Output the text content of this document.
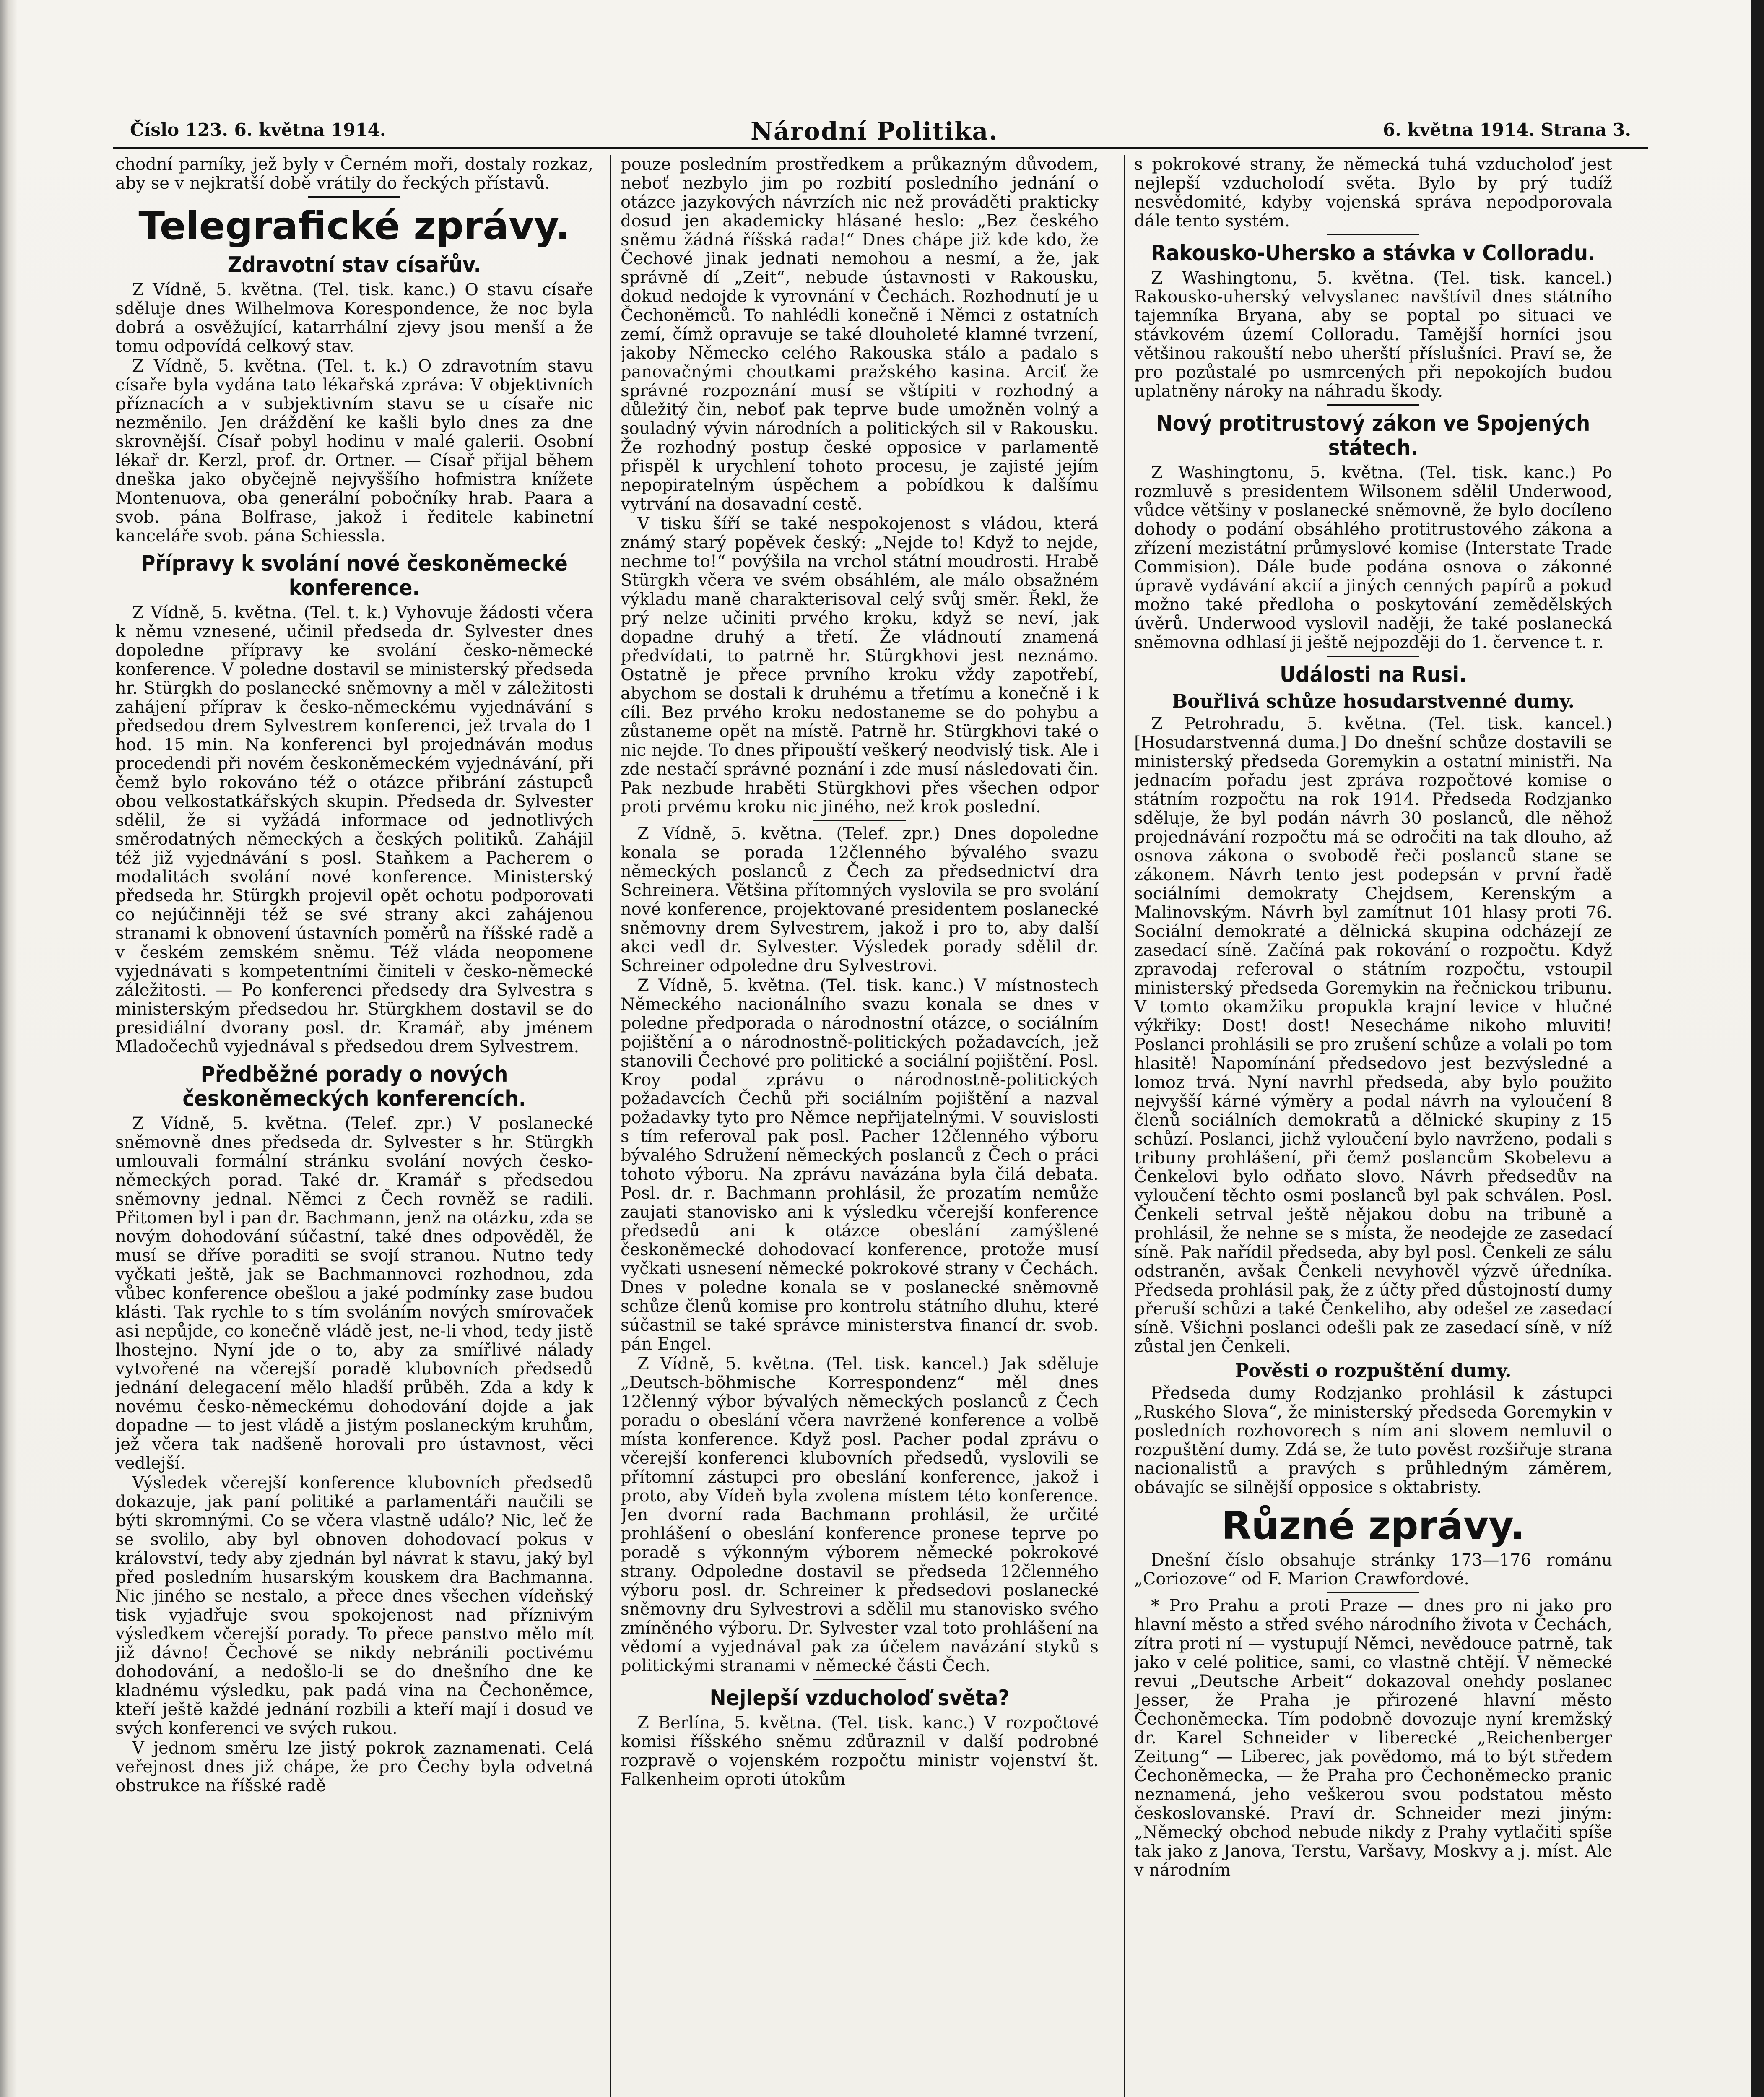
Číslo 123. 6. května 1914.	Národní Politika.	6. května 1914. Strana 3.

chodní parníky, jež byly v Černém moři, dostaly rozkaz, aby se v nejkratší době vrátily do řeckých přístavů.

Telegrafické zprávy.
Zdravotní stav císařův.

Z Vídně, 5. května. (Tel. tisk. kanc.) O stavu císaře sděluje dnes Wilhelmova Korespondence, že noc byla dobrá a osvěžující, katarrhální zjevy jsou menší a že tomu odpovídá celkový stav.

Z Vídně, 5. května. (Tel. t. k.) O zdravotním stavu císaře byla vydána tato lékařská zpráva: V objektivních příznacích a v subjektivním stavu se u císaře nic nezměnilo. Jen dráždění ke kašli bylo dnes za dne skrovnější. Císař pobyl hodinu v malé galerii. Osobní lékař dr. Kerzl, prof. dr. Ortner. — Císař přijal během dneška jako obyčejně nejvyššího hofmistra knížete Montenuova, oba generální pobočníky hrab. Paara a svob. pána Bolfrase, jakož i ředitele kabinetní kanceláře svob. pána Schiessla.

Přípravy k svolání nové českoněmecké konference.

Z Vídně, 5. května. (Tel. t. k.) Vyhovuje žádosti včera k němu vznesené, učinil předseda dr. Sylvester dnes dopoledne přípravy ke svolání česko-německé konference. V poledne dostavil se ministerský předseda hr. Stürgkh do poslanecké sněmovny a měl v záležitosti zahájení příprav k česko-německému vyjednávání s předsedou drem Sylvestrem konferenci, jež trvala do 1 hod. 15 min. Na konferenci byl projednáván modus procedendi při novém českoněmeckém vyjednávání, při čemž bylo rokováno též o otázce přibrání zástupců obou velkostatkářských skupin. Předseda dr. Sylvester sdělil, že si vyžádá informace od jednotlivých směrodatných německých a českých politiků. Zahájil též již vyjednávání s posl. Staňkem a Pacherem o modalitách svolání nové konference. Ministerský předseda hr. Stürgkh projevil opět ochotu podporovati co nejúčinněji též se své strany akci zahájenou stranami k obnovení ústavních poměrů na říšské radě a v českém zemském sněmu. Též vláda neopomene vyjednávati s kompetentními činiteli v česko-německé záležitosti. — Po konferenci předsedy dra Sylvestra s ministerským předsedou hr. Stürgkhem dostavil se do presidiální dvorany posl. dr. Kramář, aby jménem Mladočechů vyjednával s předsedou drem Sylvestrem.

Předběžné porady o nových českoněmeckých konferencích.

Z Vídně, 5. května. (Telef. zpr.) V poslanecké sněmovně dnes předseda dr. Sylvester s hr. Stürgkh umlouvali formální stránku svolání nových česko-německých porad. Také dr. Kramář s předsedou sněmovny jednal. Němci z Čech rovněž se radili. Přitomen byl i pan dr. Bachmann, jenž na otázku, zda se novým dohodování súčastní, také dnes odpověděl, že musí se dříve poraditi se svojí stranou. Nutno tedy vyčkati ještě, jak se Bachmannovci rozhodnou, zda vůbec konference obešlou a jaké podmínky zase budou klásti. Tak rychle to s tím svoláním nových smírovaček asi nepůjde, co konečně vládě jest, ne-li vhod, tedy jistě lhostejno. Nyní jde o to, aby za smířlivé nálady vytvořené na včerejší poradě klubovních předsedů jednání delegacení mělo hladší průběh. Zda a kdy k novému česko-německému dohodování dojde a jak dopadne — to jest vládě a jistým poslaneckým kruhům, jež včera tak nadšeně horovali pro ústavnost, věci vedlejší.

Výsledek včerejší konference klubovních předsedů dokazuje, jak paní politiké a parlamentáři naučili se býti skromnými. Co se včera vlastně událo? Nic, leč že se svolilo, aby byl obnoven dohodovací pokus v království, tedy aby zjednán byl návrat k stavu, jaký byl před posledním husarským kouskem dra Bachmanna. Nic jiného se nestalo, a přece dnes všechen vídeňský tisk vyjadřuje svou spokojenost nad příznivým výsledkem včerejší porady. To přece panstvo mělo mít již dávno! Čechové se nikdy nebránili poctivému dohodování, a nedošlo-li se do dnešního dne ke kladnému výsledku, pak padá vina na Čechoněmce, kteří ještě každé jednání rozbili a kteří mají i dosud ve svých konferenci ve svých rukou.

V jednom směru lze jistý pokrok zaznamenati. Celá veřejnost dnes již chápe, že pro Čechy byla odvetná obstrukce na říšské radě

pouze posledním prostředkem a průkazným důvodem, neboť nezbylo jim po rozbití posledního jednání o otázce jazykových návrzích nic než prováděti prakticky dosud jen akademicky hlásané heslo: „Bez českého sněmu žádná říšská rada!“ Dnes chápe již kde kdo, že Čechové jinak jednati nemohou a nesmí, a že, jak správně dí „Zeit“, nebude ústavnosti v Rakousku, dokud nedojde k vyrovnání v Čechách. Rozhodnutí je u Čechoněmců. To nahlédli konečně i Němci z ostatních zemí, čímž opravuje se také dlouholeté klamné tvrzení, jakoby Německo celého Rakouska stálo a padalo s panovačnými choutkami pražského kasina. Arciť že správné rozpoznání musí se vštípiti v rozhodný a důležitý čin, neboť pak teprve bude umožněn volný a souladný vývin národních a politických sil v Rakousku. Že rozhodný postup české opposice v parlamentě přispěl k urychlení tohoto procesu, je zajisté jejím nepopiratelným úspěchem a pobídkou k dalšímu vytrvání na dosavadní cestě.

V tisku šíří se také nespokojenost s vládou, která známý starý popěvek český: „Nejde to! Když to nejde, nechme to!“ povýšila na vrchol státní moudrosti. Hrabě Stürgkh včera ve svém obsáhlém, ale málo obsažném výkladu maně charakterisoval celý svůj směr. Řekl, že prý nelze učiniti prvého kroku, když se neví, jak dopadne druhý a třetí. Že vládnoutí znamená předvídati, to patrně hr. Stürgkhovi jest neznámo. Ostatně je přece prvního kroku vždy zapotřebí, abychom se dostali k druhému a třetímu a konečně i k cíli. Bez prvého kroku nedostaneme se do pohybu a zůstaneme opět na místě. Patrně hr. Stürgkhovi také o nic nejde. To dnes připouští veškerý neodvislý tisk. Ale i zde nestačí správné poznání i zde musí následovati čin. Pak nezbude hraběti Stürgkhovi přes všechen odpor proti prvému kroku nic jiného, než krok poslední.

Z Vídně, 5. května. (Telef. zpr.) Dnes dopoledne konala se porada 12členného bývalého svazu německých poslanců z Čech za předsednictví dra Schreinera. Většina přítomných vyslovila se pro svolání nové konference, projektované presidentem poslanecké sněmovny drem Sylvestrem, jakož i pro to, aby další akci vedl dr. Sylvester. Výsledek porady sdělil dr. Schreiner odpoledne dru Sylvestrovi.

Z Vídně, 5. května. (Tel. tisk. kanc.) V místnostech Německého nacionálního svazu konala se dnes v poledne předporada o národnostní otázce, o sociálním pojištění a o národnostně-politických požadavcích, jež stanovili Čechové pro politické a sociální pojištění. Posl. Kroy podal zprávu o národnostně-politických požadavcích Čechů při sociálním pojištění a nazval požadavky tyto pro Němce nepřijatelnými. V souvislosti s tím referoval pak posl. Pacher 12členného výboru bývalého Sdružení německých poslanců z Čech o práci tohoto výboru. Na zprávu navázána byla čilá debata. Posl. dr. r. Bachmann prohlásil, že prozatím nemůže zaujati stanovisko ani k výsledku včerejší konference předsedů ani k otázce obeslání zamýšlené českoněmecké dohodovací konference, protože musí vyčkati usnesení německé pokrokové strany v Čechách. Dnes v poledne konala se v poslanecké sněmovně schůze členů komise pro kontrolu státního dluhu, které súčastnil se také správce ministerstva financí dr. svob. pán Engel.

Z Vídně, 5. května. (Tel. tisk. kancel.) Jak sděluje „Deutsch-böhmische Korrespondenz“ měl dnes 12členný výbor bývalých německých poslanců z Čech poradu o obeslání včera navržené konference a volbě místa konference. Když posl. Pacher podal zprávu o včerejší konferenci klubovních předsedů, vyslovili se přítomní zástupci pro obeslání konference, jakož i proto, aby Vídeň byla zvolena místem této konference. Jen dvorní rada Bachmann prohlásil, že určité prohlášení o obeslání konference pronese teprve po poradě s výkonným výborem německé pokrokové strany. Odpoledne dostavil se předseda 12členného výboru posl. dr. Schreiner k předsedovi poslanecké sněmovny dru Sylvestrovi a sdělil mu stanovisko svého zmíněného výboru. Dr. Sylvester vzal toto prohlášení na vědomí a vyjednával pak za účelem navázání styků s politickými stranami v německé části Čech.

Nejlepší vzducholoď světa?

Z Berlína, 5. května. (Tel. tisk. kanc.) V rozpočtové komisi říšského sněmu zdůraznil v další podrobné rozpravě o vojenském rozpočtu ministr vojenství št. Falkenheim oproti útokům

s pokrokové strany, že německá tuhá vzducholoď jest nejlepší vzducholodí světa. Bylo by prý tudíž nesvědomité, kdyby vojenská správa nepodporovala dále tento systém.

Rakousko-Uhersko a stávka v Colloradu.

Z Washingtonu, 5. května. (Tel. tisk. kancel.) Rakousko-uherský velvyslanec navštívil dnes státního tajemníka Bryana, aby se poptal po situaci ve stávkovém území Colloradu. Tamější horníci jsou většinou rakouští nebo uherští příslušníci. Praví se, že pro pozůstalé po usmrcených při nepokojích budou uplatněny nároky na náhradu škody.

Nový protitrustový zákon ve Spojených státech.

Z Washingtonu, 5. května. (Tel. tisk. kanc.) Po rozmluvě s presidentem Wilsonem sdělil Underwood, vůdce většiny v poslanecké sněmovně, že bylo docíleno dohody o podání obsáhlého protitrustového zákona a zřízení mezistátní průmyslové komise (Interstate Trade Commision). Dále bude podána osnova o zákonné úpravě vydávání akcií a jiných cenných papírů a pokud možno také předloha o poskytování zemědělských úvěrů. Underwood vyslovil naději, že také poslanecká sněmovna odhlasí ji ještě nejpozději do 1. července t. r.

Události na Rusi.
Bouřlivá schůze hosudarstvenné dumy.

Z Petrohradu, 5. května. (Tel. tisk. kancel.) [Hosudarstvenná duma.] Do dnešní schůze dostavili se ministerský předseda Goremykin a ostatní ministři. Na jednacím pořadu jest zpráva rozpočtové komise o státním rozpočtu na rok 1914. Předseda Rodzjanko sděluje, že byl podán návrh 30 poslanců, dle něhož projednávání rozpočtu má se odročiti na tak dlouho, až osnova zákona o svobodě řeči poslanců stane se zákonem. Návrh tento jest podepsán v první řadě sociálními demokraty Chejdsem, Kerenským a Malinovským. Návrh byl zamítnut 101 hlasy proti 76. Sociální demokraté a dělnická skupina odcházejí ze zasedací síně. Začíná pak rokování o rozpočtu. Když zpravodaj referoval o státním rozpočtu, vstoupil ministerský předseda Goremykin na řečnickou tribunu. V tomto okamžiku propukla krajní levice v hlučné výkřiky: Dost! dost! Nesecháme nikoho mluviti! Poslanci prohlásili se pro zrušení schůze a volali po tom hlasitě! Napomínání předsedovo jest bezvýsledné a lomoz trvá. Nyní navrhl předseda, aby bylo použito nejvyšší kárné výměry a podal návrh na vyloučení 8 členů sociálních demokratů a dělnické skupiny z 15 schůzí. Poslanci, jichž vyloučení bylo navrženo, podali s tribuny prohlášení, při čemž poslancům Skobelevu a Čenkelovi bylo odňato slovo. Návrh předsedův na vyloučení těchto osmi poslanců byl pak schválen. Posl. Čenkeli setrval ještě nějakou dobu na tribuně a prohlásil, že nehne se s místa, že neodejde ze zasedací síně. Pak nařídil předseda, aby byl posl. Čenkeli ze sálu odstraněn, avšak Čenkeli nevyhověl výzvě úředníka. Předseda prohlásil pak, že z účty před důstojností dumy přeruší schůzi a také Čenkeliho, aby odešel ze zasedací síně. Všichni poslanci odešli pak ze zasedací síně, v níž zůstal jen Čenkeli.

Pověsti o rozpuštění dumy.

Předseda dumy Rodzjanko prohlásil k zástupci „Ruského Slova“, že ministerský předseda Goremykin v posledních rozhovorech s ním ani slovem nemluvil o rozpuštění dumy. Zdá se, že tuto pověst rozšiřuje strana nacionalistů a pravých s průhledným záměrem, obávajíc se silnější opposice s oktabristy.

Různé zprávy.

Dnešní číslo obsahuje stránky 173—176 románu „Coriozove“ od F. Marion Crawfordové.

* Pro Prahu a proti Praze — dnes pro ni jako pro hlavní město a střed svého národního života v Čechách, zítra proti ní — vystupují Němci, nevědouce patrně, tak jako v celé politice, sami, co vlastně chtějí. V německé revui „Deutsche Arbeit“ dokazoval onehdy poslanec Jesser, že Praha je přirozené hlavní město Čechoněmecka. Tím podobně dovozuje nyní kremžský dr. Karel Schneider v liberecké „Reichenberger Zeitung“ — Liberec, jak povědomo, má to být středem Čechoněmecka, — že Praha pro Čechoněmecko pranic neznamená, jeho veškerou svou podstatou město českoslovanské. Praví dr. Schneider mezi jiným: „Německý obchod nebude nikdy z Prahy vytlačiti spíše tak jako z Janova, Terstu, Varšavy, Moskvy a j. míst. Ale v národním
